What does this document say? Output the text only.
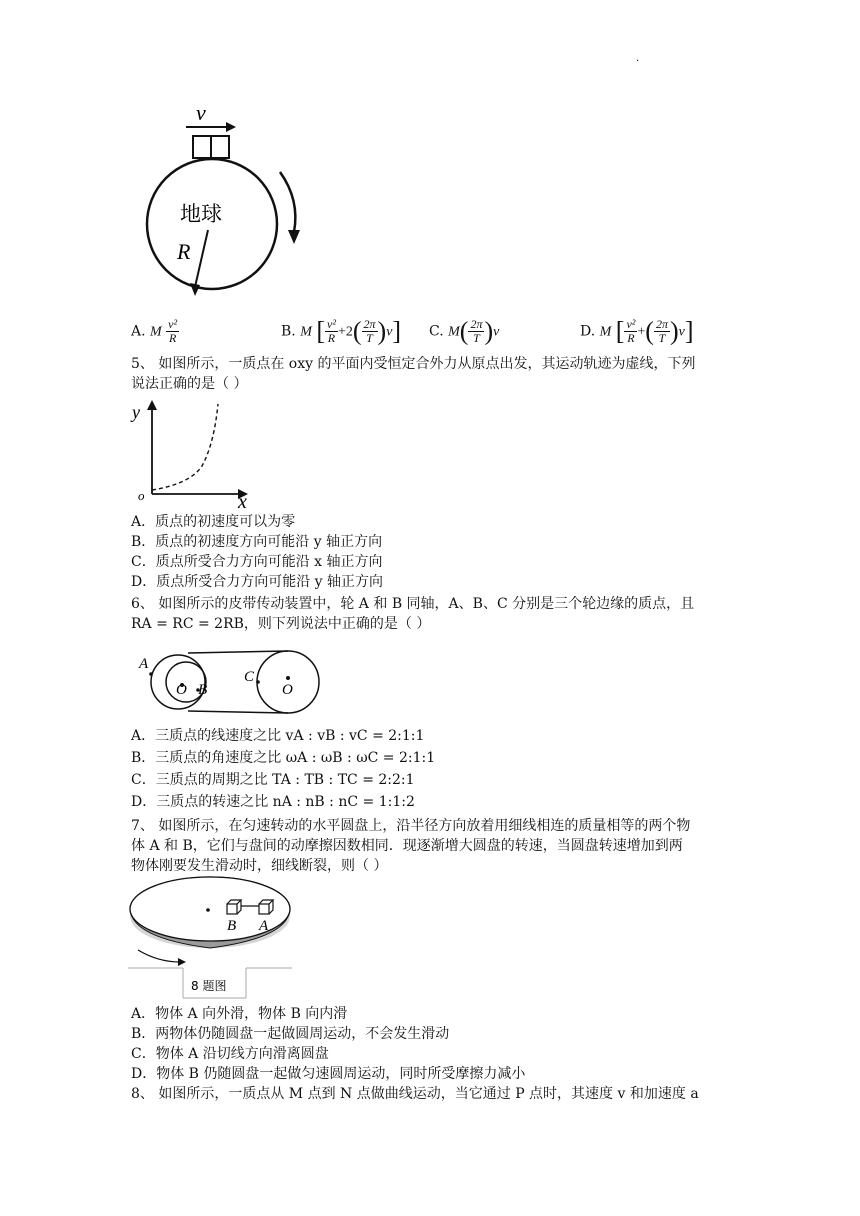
·
v
地球
R
A. M $\frac{\text{v²}}{R}$	B. M [ $\frac{\text{v²}}{R} +2( \frac{2\pi}{T} )v$] C. $M( \frac{2\pi}{T} )v$	D. M [ $\frac{\text{v²}}{R}$ +( $\frac{2\pi}{T} )v$]
5、 如图所示，一质点在 oxy 的平面内受恒定合外力从原点出发，其运动轨迹为虚线，下列
说法正确的是（ ）
y
x
o
A．质点的初速度可以为零
B．质点的初速度方向可能沿 y 轴正方向
C．质点所受合力方向可能沿 x 轴正方向
D．质点所受合力方向可能沿 y 轴正方向
6、 如图所示的皮带传动装置中，轮 A 和 B 同轴，A、B、C 分别是三个轮边缘的质点，且
RA = RC = 2RB，则下列说法中正确的是（ ）
A
B
C
O	O
A．三质点的线速度之比 vA : vB : vC = 2:1:1
B．三质点的角速度之比 ωA : ωB : ωC = 2:1:1
C．三质点的周期之比 TA : TB : TC = 2:2:1
D．三质点的转速之比 nA : nB : nC = 1:1:2
7、 如图所示，在匀速转动的水平圆盘上，沿半径方向放着用细线相连的质量相等的两个物
体 A 和 B，它们与盘间的动摩擦因数相同．现逐渐增大圆盘的转速，当圆盘转速增加到两
物体刚要发生滑动时，细线断裂，则（ ）
B A
8 题图
A．物体 A 向外滑，物体 B 向内滑
B．两物体仍随圆盘一起做圆周运动，不会发生滑动
C．物体 A 沿切线方向滑离圆盘
D．物体 B 仍随圆盘一起做匀速圆周运动，同时所受摩擦力减小
8、 如图所示，一质点从 M 点到 N 点做曲线运动，当它通过 P 点时，其速度 v 和加速度 a
